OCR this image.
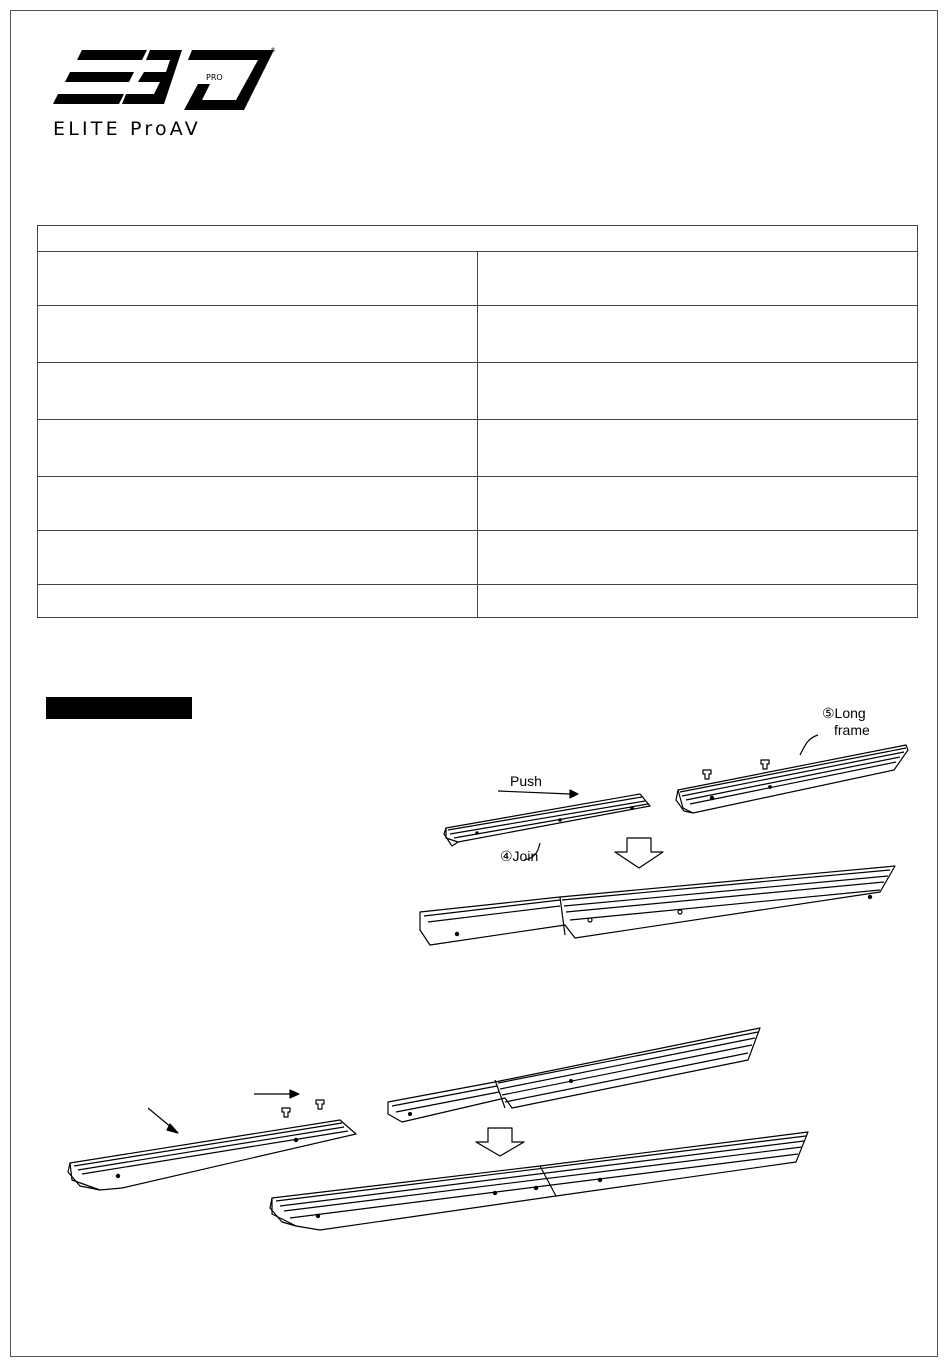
PRO
®
ELITE ProAV

⑤Long
frame
Push
④Join
